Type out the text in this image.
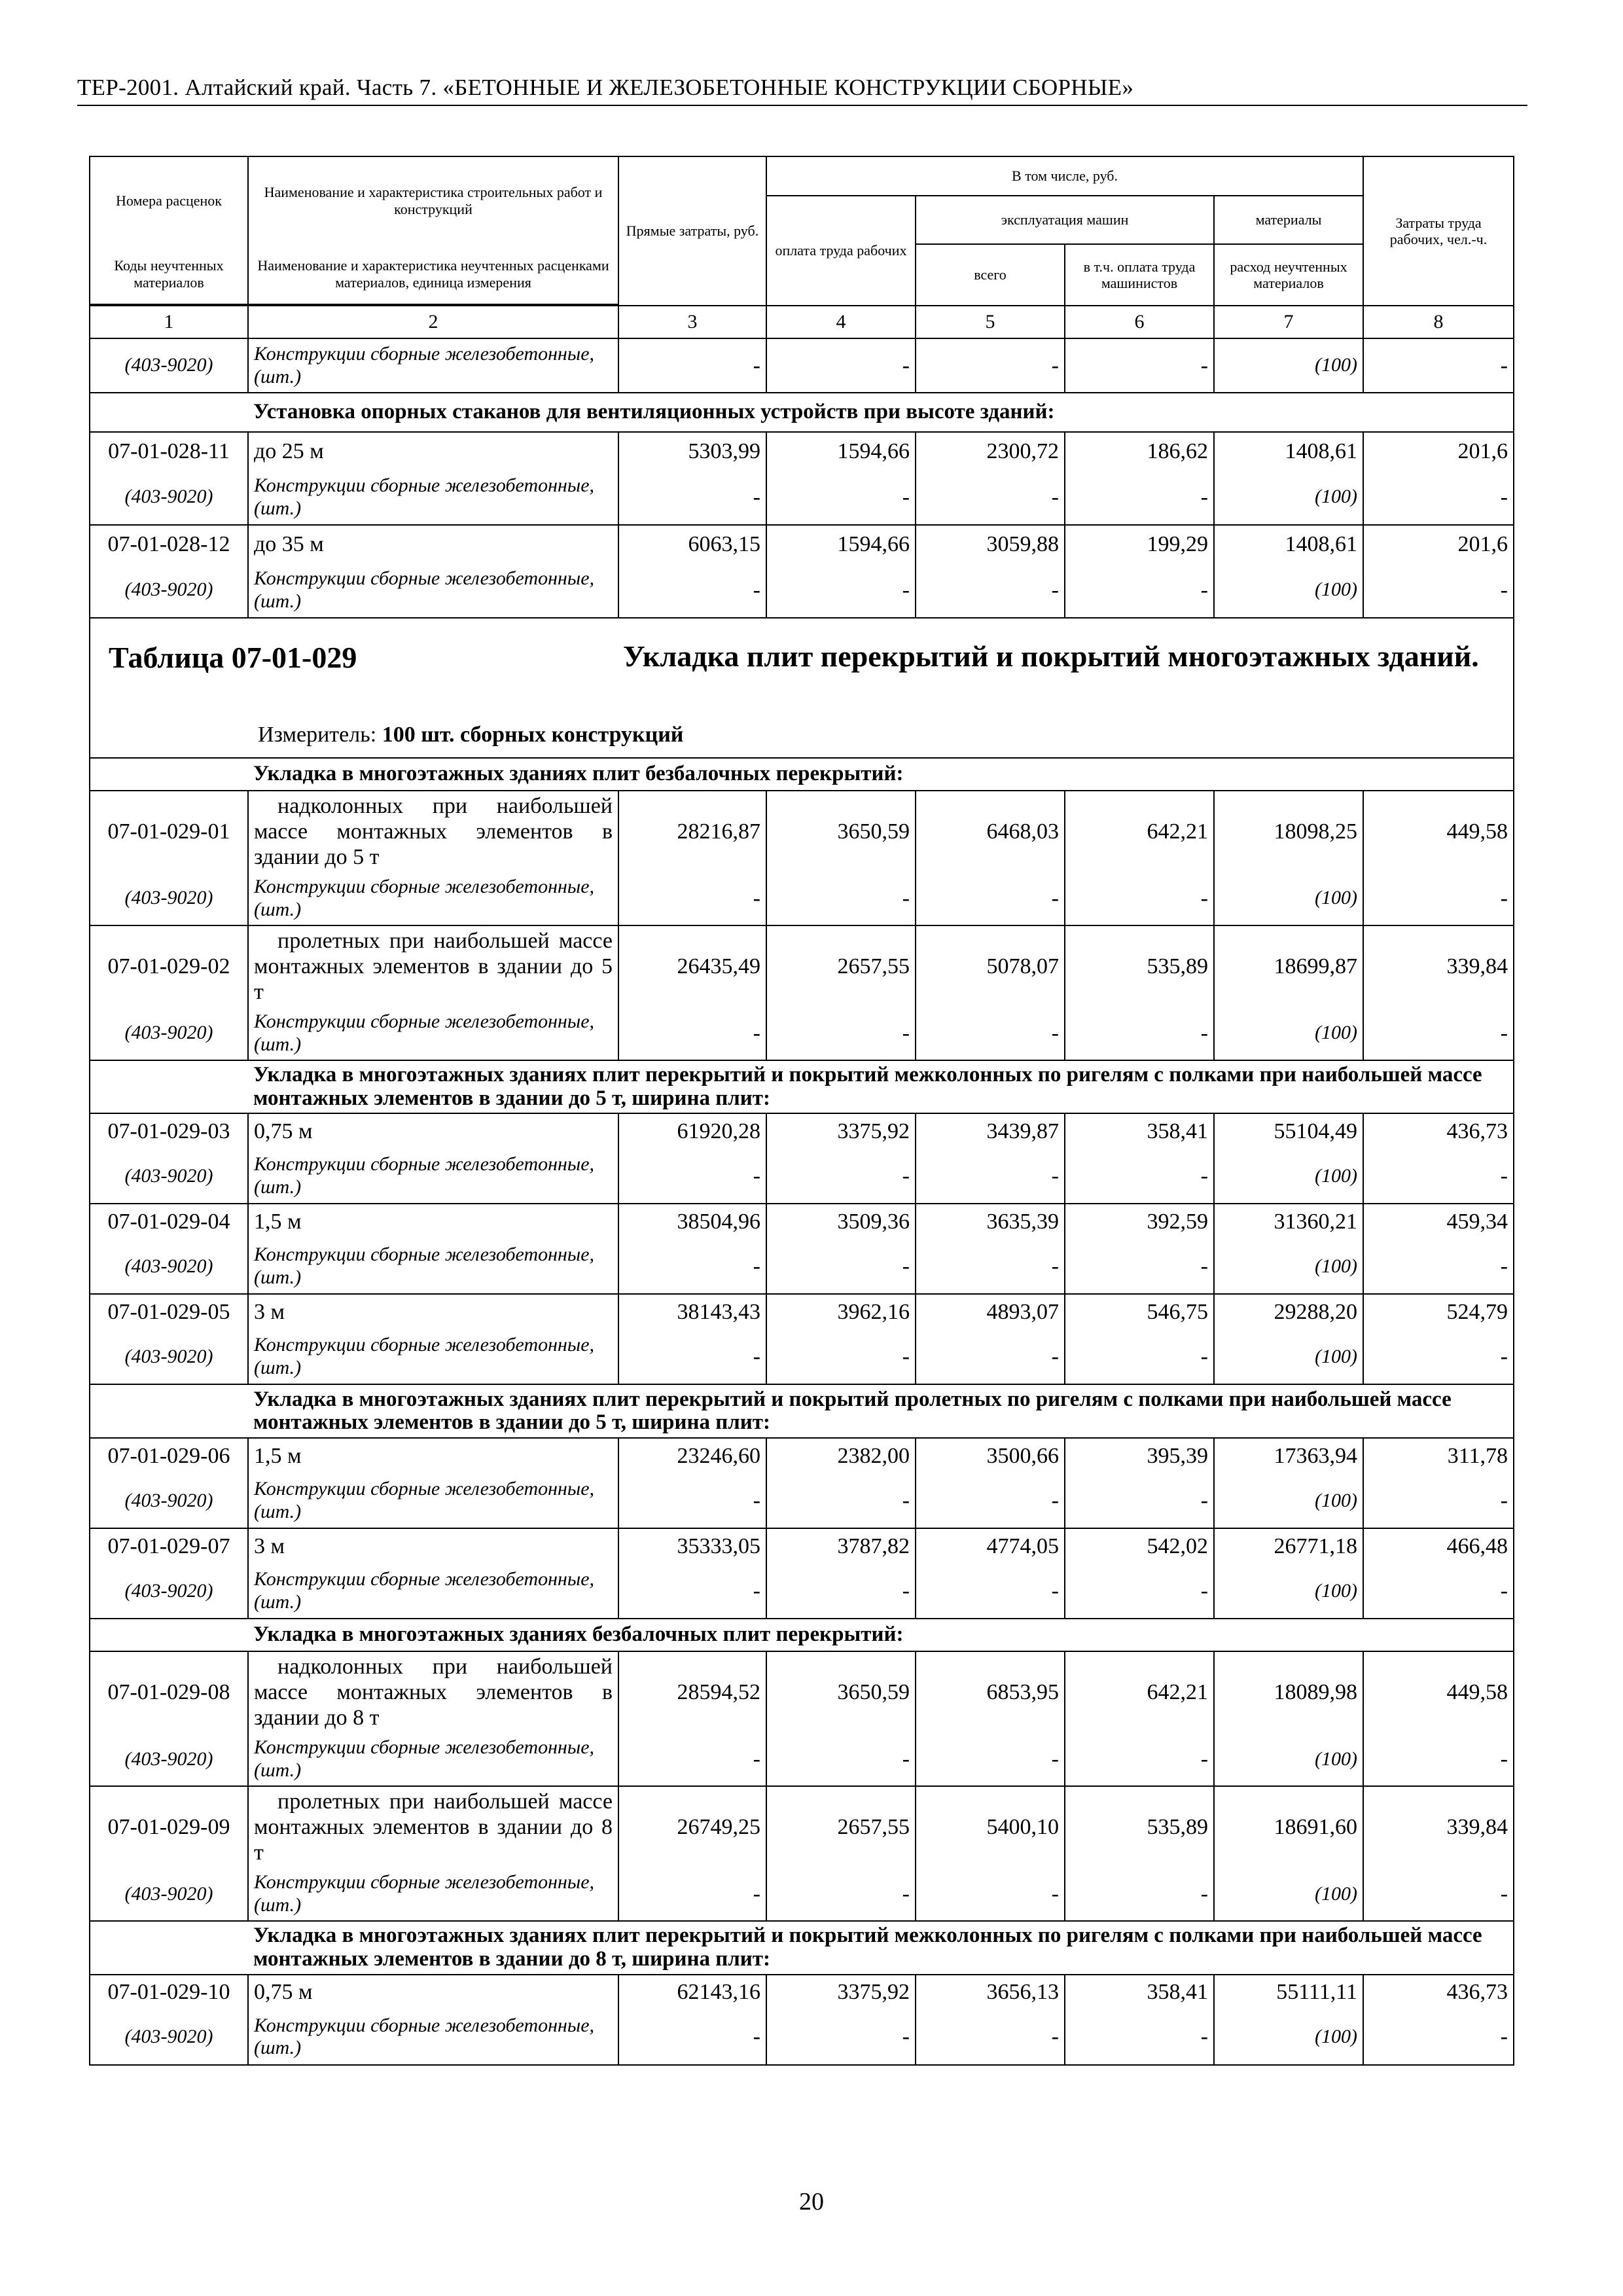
ТЕР-2001. Алтайский край. Часть 7. «БЕТОННЫЕ И ЖЕЛЕЗОБЕТОННЫЕ КОНСТРУКЦИИ СБОРНЫЕ»
Номера расценок	Наименование и характеристика строительных работ и конструкций	Прямые затраты, руб.	В том числе, руб.				Затраты труда рабочих, чел.-ч.
			оплата труда рабочих	эксплуатация машин		материалы	
Коды неучтенных материалов	Наименование и характеристика неучтенных расценками материалов, единица измерения			всего	в т.ч. оплата труда машинистов	расход неучтенных материалов	

1	2	3	4	5	6	7	8
(403-9020)	Конструкции сборные железобетонные, (шт.)	-	-	-	-	(100)	-
	Установка опорных стаканов для вентиляционных устройств при высоте зданий:						
07-01-028-11	до 25 м	5303,99	1594,66	2300,72	186,62	1408,61	201,6
(403-9020)	Конструкции сборные железобетонные, (шт.)	-	-	-	-	(100)	-
07-01-028-12	до 35 м	6063,15	1594,66	3059,88	199,29	1408,61	201,6
(403-9020)	Конструкции сборные железобетонные, (шт.)	-	-	-	-	(100)	-

Таблица 07-01-029 Укладка плит перекрытий и покрытий многоэтажных зданий.
Измеритель: 100 шт. сборных конструкций							

	Укладка в многоэтажных зданиях плит безбалочных перекрытий:						
07-01-029-01	надколонных при наибольшей массе монтажных элементов в здании до 5 т	28216,87	3650,59	6468,03	642,21	18098,25	449,58
(403-9020)	Конструкции сборные железобетонные, (шт.)	-	-	-	-	(100)	-
07-01-029-02	пролетных при наибольшей массе монтажных элементов в здании до 5 т	26435,49	2657,55	5078,07	535,89	18699,87	339,84
(403-9020)	Конструкции сборные железобетонные, (шт.)	-	-	-	-	(100)	-
	Укладка в многоэтажных зданиях плит перекрытий и покрытий межколонных по ригелям с полками при наибольшей массе монтажных элементов в здании до 5 т, ширина плит:						
07-01-029-03	0,75 м	61920,28	3375,92	3439,87	358,41	55104,49	436,73
(403-9020)	Конструкции сборные железобетонные, (шт.)	-	-	-	-	(100)	-
07-01-029-04	1,5 м	38504,96	3509,36	3635,39	392,59	31360,21	459,34
(403-9020)	Конструкции сборные железобетонные, (шт.)	-	-	-	-	(100)	-
07-01-029-05	3 м	38143,43	3962,16	4893,07	546,75	29288,20	524,79
(403-9020)	Конструкции сборные железобетонные, (шт.)	-	-	-	-	(100)	-
	Укладка в многоэтажных зданиях плит перекрытий и покрытий пролетных по ригелям с полками при наибольшей массе монтажных элементов в здании до 5 т, ширина плит:						
07-01-029-06	1,5 м	23246,60	2382,00	3500,66	395,39	17363,94	311,78
(403-9020)	Конструкции сборные железобетонные, (шт.)	-	-	-	-	(100)	-
07-01-029-07	3 м	35333,05	3787,82	4774,05	542,02	26771,18	466,48
(403-9020)	Конструкции сборные железобетонные, (шт.)	-	-	-	-	(100)	-
	Укладка в многоэтажных зданиях безбалочных плит перекрытий:						
07-01-029-08	надколонных при наибольшей массе монтажных элементов в здании до 8 т	28594,52	3650,59	6853,95	642,21	18089,98	449,58
(403-9020)	Конструкции сборные железобетонные, (шт.)	-	-	-	-	(100)	-
07-01-029-09	пролетных при наибольшей массе монтажных элементов в здании до 8 т	26749,25	2657,55	5400,10	535,89	18691,60	339,84
(403-9020)	Конструкции сборные железобетонные, (шт.)	-	-	-	-	(100)	-
	Укладка в многоэтажных зданиях плит перекрытий и покрытий межколонных по ригелям с полками при наибольшей массе монтажных элементов в здании до 8 т, ширина плит:						
07-01-029-10	0,75 м	62143,16	3375,92	3656,13	358,41	55111,11	436,73
(403-9020)	Конструкции сборные железобетонные, (шт.)	-	-	-	-	(100)	-
20
